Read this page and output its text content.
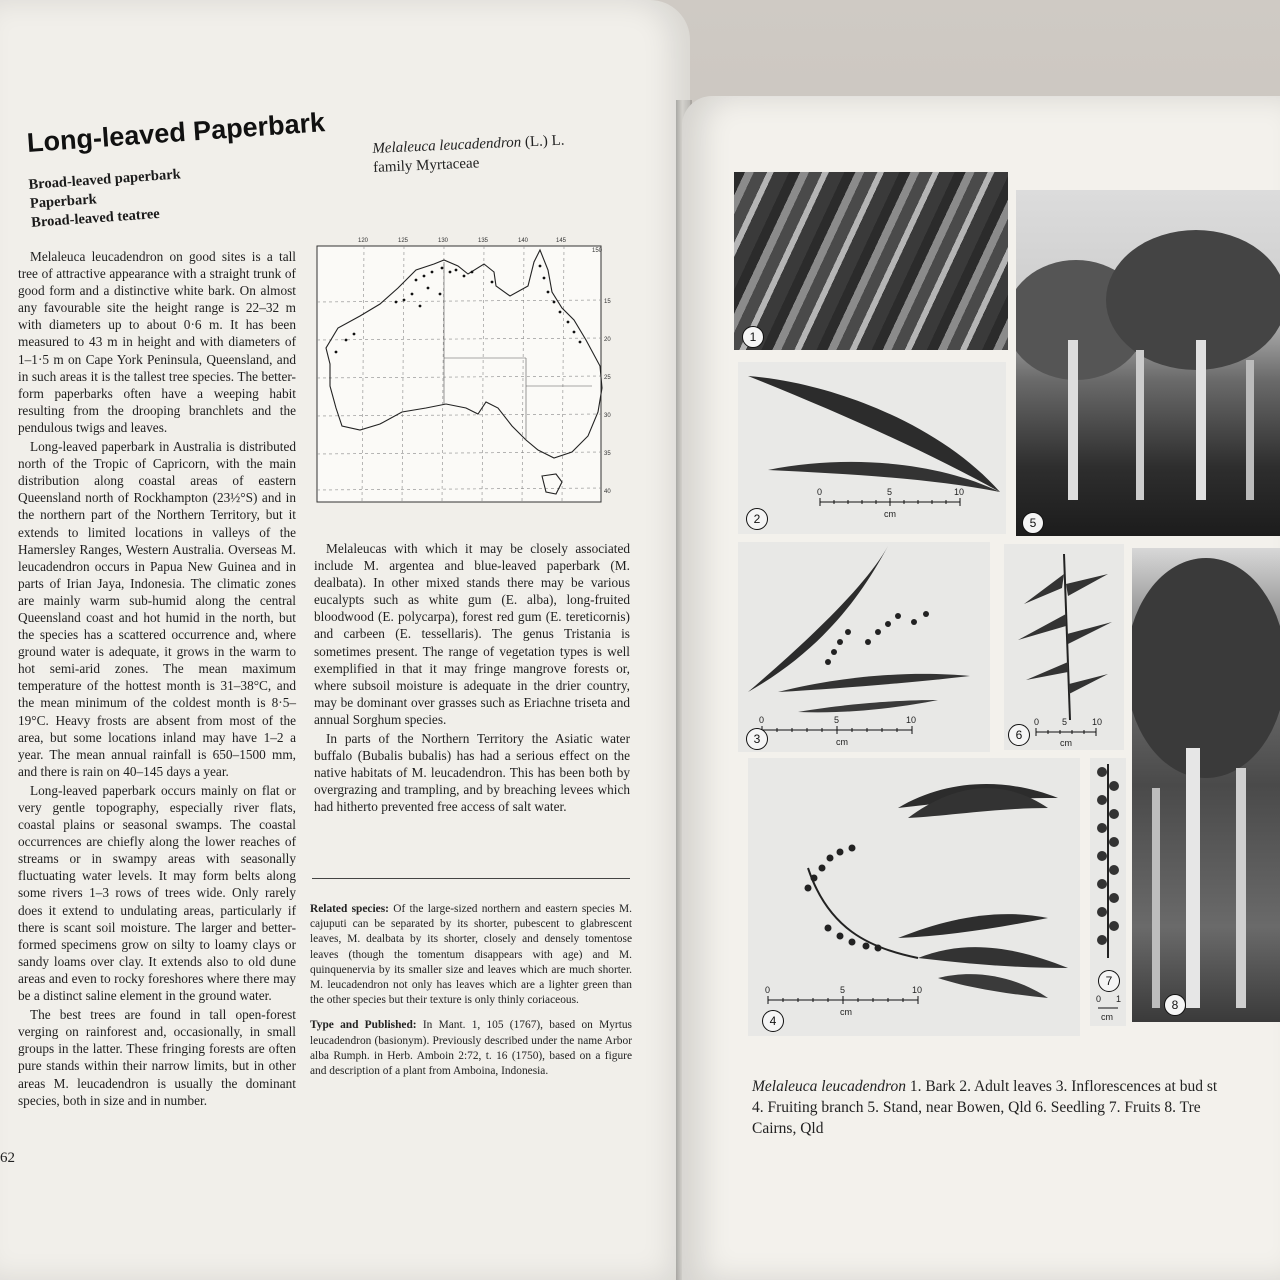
Long-leaved Paperbark
Broad-leaved paperbark
Paperbark
Broad-leaved teatree
Melaleuca leucadendron (L.) L.
family Myrtaceae
120	125	130	135	140	145
150
15
20
25
30
35
40

Melaleuca leucadendron on good sites is a tall tree of attractive appearance with a straight trunk of good form and a distinctive white bark. On almost any favourable site the height range is 22–32 m with diameters up to about 0·6 m. It has been measured to 43 m in height and with diameters of 1–1·5 m on Cape York Peninsula, Queensland, and in such areas it is the tallest tree species. The better-form paperbarks often have a weeping habit resulting from the drooping branchlets and the pendulous twigs and leaves.

Long-leaved paperbark in Australia is distributed north of the Tropic of Capricorn, with the main distribution along coastal areas of eastern Queensland north of Rockhampton (23½°S) and in the northern part of the Northern Territory, but it extends to limited locations in valleys of the Hamersley Ranges, Western Australia. Overseas M. leucadendron occurs in Papua New Guinea and in parts of Irian Jaya, Indonesia. The climatic zones are mainly warm sub-humid along the central Queensland coast and hot humid in the north, but the species has a scattered occurrence and, where ground water is adequate, it grows in the warm to hot semi-arid zones. The mean maximum temperature of the hottest month is 31–38°C, and the mean minimum of the coldest month is 8·5–19°C. Heavy frosts are absent from most of the area, but some locations inland may have 1–2 a year. The mean annual rainfall is 650–1500 mm, and there is rain on 40–145 days a year.

Long-leaved paperbark occurs mainly on flat or very gentle topography, especially river flats, coastal plains or seasonal swamps. The coastal occurrences are chiefly along the lower reaches of streams or in swampy areas with seasonally fluctuating water levels. It may form belts along some rivers 1–3 rows of trees wide. Only rarely does it extend to undulating areas, particularly if there is scant soil moisture. The larger and better-formed specimens grow on silty to loamy clays or sandy loams over clay. It extends also to old dune areas and even to rocky foreshores where there may be a distinct saline element in the ground water.

The best trees are found in tall open-forest verging on rainforest and, occasionally, in small groups in the latter. These fringing forests are often pure stands within their narrow limits, but in other areas M. leucadendron is usually the dominant species, both in size and in number.

Melaleucas with which it may be closely associated include M. argentea and blue-leaved paperbark (M. dealbata). In other mixed stands there may be various eucalypts such as white gum (E. alba), long-fruited bloodwood (E. polycarpa), forest red gum (E. tereticornis) and carbeen (E. tessellaris). The genus Tristania is sometimes present. The range of vegetation types is well exemplified in that it may fringe mangrove forests or, where subsoil moisture is adequate in the drier country, may be dominant over grasses such as Eriachne triseta and annual Sorghum species.

In parts of the Northern Territory the Asiatic water buffalo (Bubalis bubalis) has had a serious effect on the native habitats of M. leucadendron. This has been both by overgrazing and trampling, and by breaching levees which had hitherto prevented free access of salt water.

Related species: Of the large-sized northern and eastern species M. cajuputi can be separated by its shorter, pubescent to glabrescent leaves, M. dealbata by its shorter, closely and densely tomentose leaves (though the tomentum disappears with age) and M. quinquenervia by its smaller size and leaves which are much shorter. M. leucadendron not only has leaves which are a lighter green than the other species but their texture is only thinly coriaceous.

Type and Published: In Mant. 1, 105 (1767), based on Myrtus leucadendron (basionym). Previously described under the name Arbor alba Rumph. in Herb. Amboin 2:72, t. 16 (1750), based on a figure and description of a plant from Amboina, Indonesia.

62
1
0	5	10
cm
2	5
0	5	10
cm
3
0	5	10
cm
6
8
0	5	10
cm
4
0 1
cm
7
Melaleuca leucadendron 1. Bark 2. Adult leaves 3. Inflorescences at bud st
4. Fruiting branch 5. Stand, near Bowen, Qld 6. Seedling 7. Fruits 8. Tre
Cairns, Qld
